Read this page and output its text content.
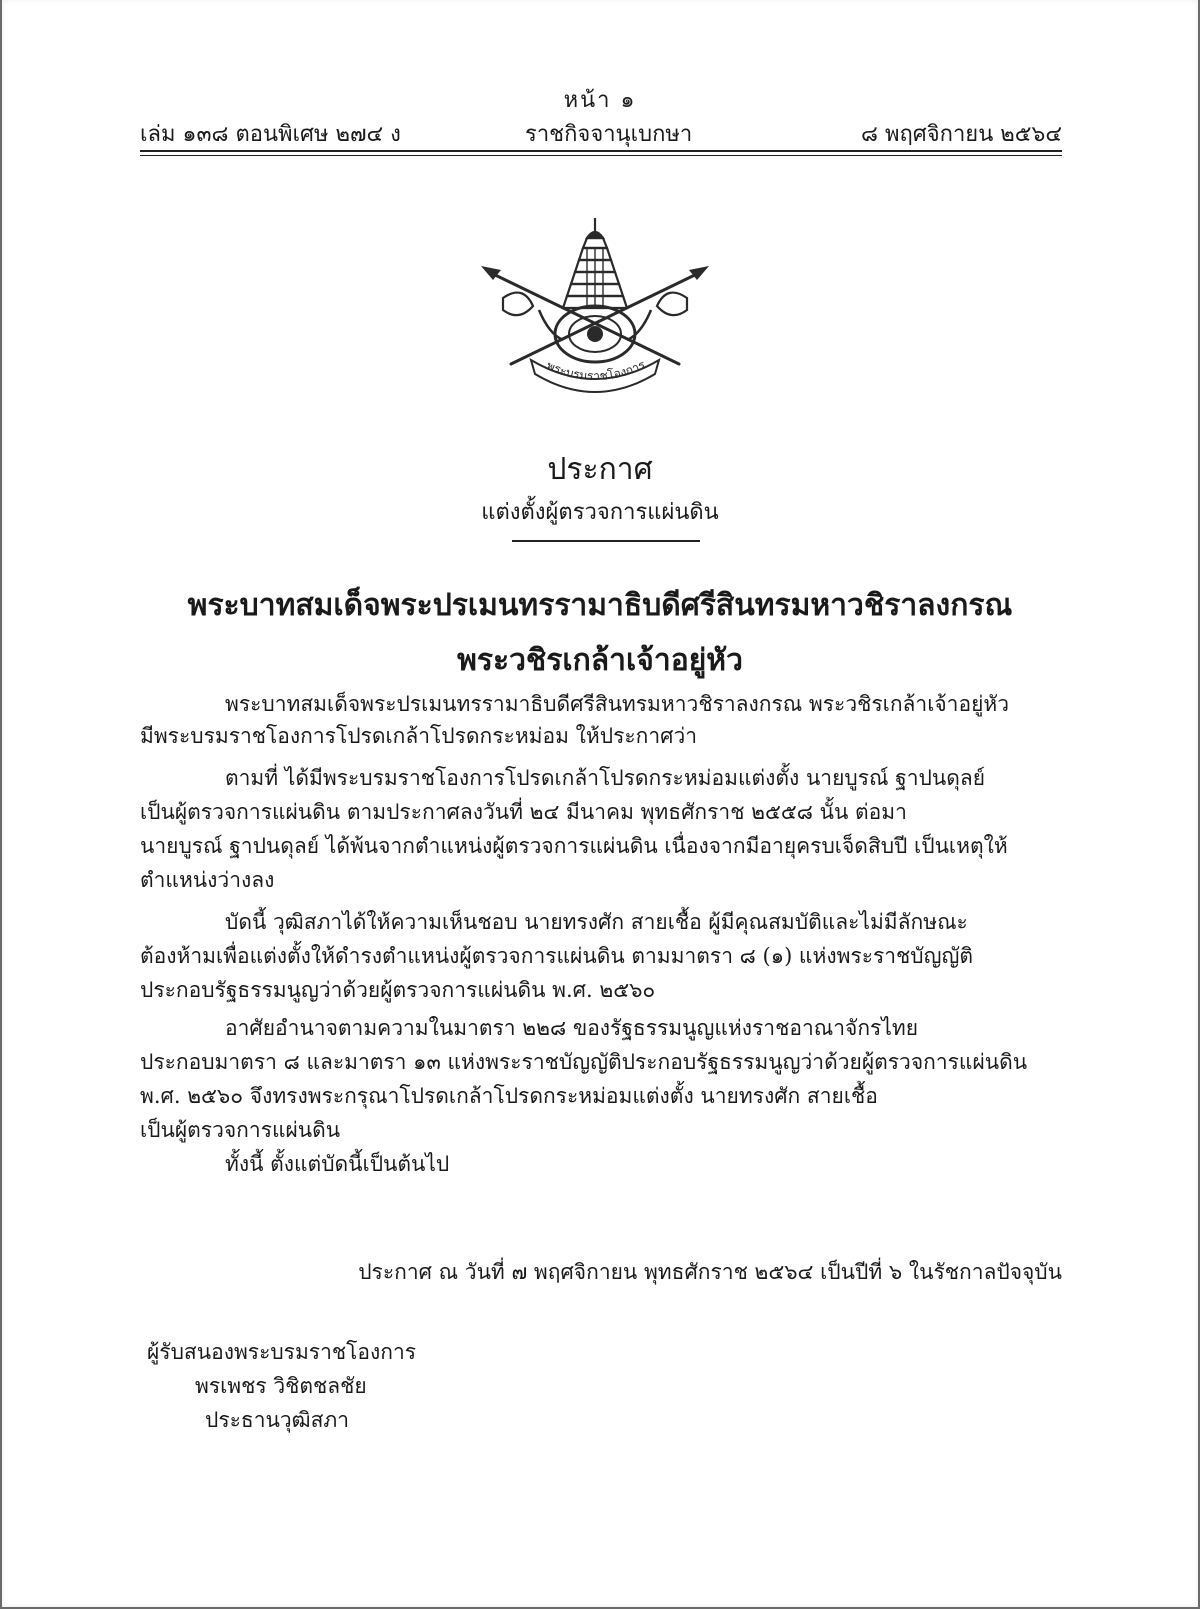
หน้า ๑
เล่ม ๑๓๘ ตอนพิเศษ ๒๗๔ ง	ราชกิจจานุเบกษา	๘ พฤศจิกายน ๒๕๖๔
พระบรมราชโองการ
ประกาศ
แต่งตั้งผู้ตรวจการแผ่นดิน
พระบาทสมเด็จพระปรเมนทรรามาธิบดีศรีสินทรมหาวชิราลงกรณ
พระวชิรเกล้าเจ้าอยู่หัว
พระบาทสมเด็จพระปรเมนทรรามาธิบดีศรีสินทรมหาวชิราลงกรณ พระวชิรเกล้าเจ้าอยู่หัว
มีพระบรมราชโองการโปรดเกล้าโปรดกระหม่อม ให้ประกาศว่า
ตามที่ ได้มีพระบรมราชโองการโปรดเกล้าโปรดกระหม่อมแต่งตั้ง นายบูรณ์ ฐาปนดุลย์
เป็นผู้ตรวจการแผ่นดิน ตามประกาศลงวันที่ ๒๔ มีนาคม พุทธศักราช ๒๕๕๘ นั้น ต่อมา
นายบูรณ์ ฐาปนดุลย์ ได้พ้นจากตำแหน่งผู้ตรวจการแผ่นดิน เนื่องจากมีอายุครบเจ็ดสิบปี เป็นเหตุให้
ตำแหน่งว่างลง
บัดนี้ วุฒิสภาได้ให้ความเห็นชอบ นายทรงศัก สายเชื้อ ผู้มีคุณสมบัติและไม่มีลักษณะ
ต้องห้ามเพื่อแต่งตั้งให้ดำรงตำแหน่งผู้ตรวจการแผ่นดิน ตามมาตรา ๘ (๑) แห่งพระราชบัญญัติ
ประกอบรัฐธรรมนูญว่าด้วยผู้ตรวจการแผ่นดิน พ.ศ. ๒๕๖๐
อาศัยอำนาจตามความในมาตรา ๒๒๘ ของรัฐธรรมนูญแห่งราชอาณาจักรไทย
ประกอบมาตรา ๘ และมาตรา ๑๓ แห่งพระราชบัญญัติประกอบรัฐธรรมนูญว่าด้วยผู้ตรวจการแผ่นดิน
พ.ศ. ๒๕๖๐ จึงทรงพระกรุณาโปรดเกล้าโปรดกระหม่อมแต่งตั้ง นายทรงศัก สายเชื้อ
เป็นผู้ตรวจการแผ่นดิน
ทั้งนี้ ตั้งแต่บัดนี้เป็นต้นไป
ประกาศ ณ วันที่ ๗ พฤศจิกายน พุทธศักราช ๒๕๖๔ เป็นปีที่ ๖ ในรัชกาลปัจจุบัน
ผู้รับสนองพระบรมราชโองการ
พรเพชร วิชิตชลชัย
ประธานวุฒิสภา
